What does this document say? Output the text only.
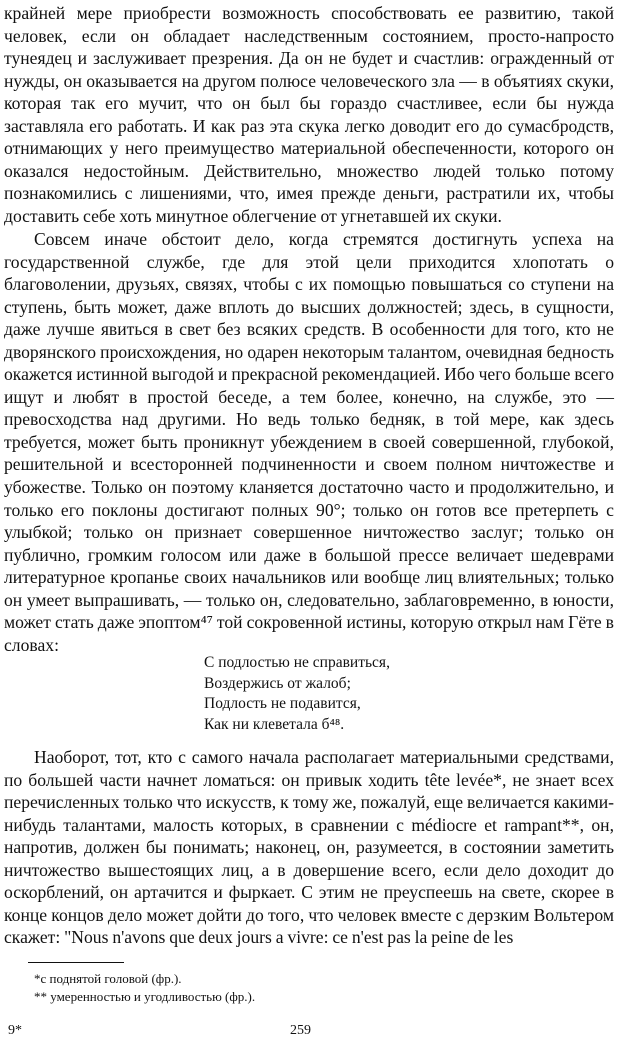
крайней мере приобрести возможность способствовать ее развитию, такой человек, если он обладает наследственным состоянием, просто-напросто тунеядец и заслуживает презрения. Да он не будет и счастлив: огражденный от нужды, он оказывается на другом полюсе человеческого зла — в объятиях скуки, которая так его мучит, что он был бы гораздо счастливее, если бы нужда заставляла его работать. И как раз эта скука легко доводит его до сумасбродств, отнимающих у него преимущество материальной обеспеченности, которого он оказался недостойным. Действительно, множество людей только потому познакомились с лишениями, что, имея прежде деньги, растратили их, чтобы доставить себе хоть минутное облегчение от угнетавшей их скуки.

Совсем иначе обстоит дело, когда стремятся достигнуть успеха на государственной службе, где для этой цели приходится хлопотать о благоволении, друзьях, связях, чтобы с их помощью повышаться со ступени на ступень, быть может, даже вплоть до высших должностей; здесь, в сущности, даже лучше явиться в свет без всяких средств. В особенности для того, кто не дворянского происхождения, но одарен некоторым талантом, очевидная бедность окажется истинной выгодой и прекрасной рекомендацией. Ибо чего больше всего ищут и любят в простой беседе, а тем более, конечно, на службе, это — превосходства над другими. Но ведь только бедняк, в той мере, как здесь требуется, может быть проникнут убеждением в своей совершенной, глубокой, решительной и всесторонней подчиненности и своем полном ничтожестве и убожестве. Только он поэтому кланяется достаточно часто и продолжительно, и только его поклоны достигают полных 90°; только он готов все претерпеть с улыбкой; только он признает совершенное ничтожество заслуг; только он публично, громким голосом или даже в большой прессе величает шедеврами литературное кропанье своих начальников или вообще лиц влиятельных; только он умеет выпрашивать, — только он, следовательно, заблаговременно, в юности, может стать даже эпоптом⁴⁷ той сокровенной истины, которую открыл нам Гёте в словах:

С подлостью не справиться,
Воздержись от жалоб;
Подлость не подавится,
Как ни клеветала б⁴⁸.

Наоборот, тот, кто с самого начала располагает материальными средствами, по большей части начнет ломаться: он привык ходить tête levée*, не знает всех перечисленных только что искусств, к тому же, пожалуй, еще величается какими-нибудь талантами, малость которых, в сравнении с médiocre et rampant**, он, напротив, должен бы понимать; наконец, он, разумеется, в состоянии заметить ничтожество вышестоящих лиц, а в довершение всего, если дело доходит до оскорблений, он артачится и фыркает. С этим не преуспеешь на свете, скорее в конце концов дело может дойти до того, что человек вместе с дерзким Вольтером скажет: "Nous n'avons que deux jours a vivre: ce n'est pas la peine de les

*с поднятой головой (фр.).
** умеренностью и угодливостью (фр.).
9*	259
